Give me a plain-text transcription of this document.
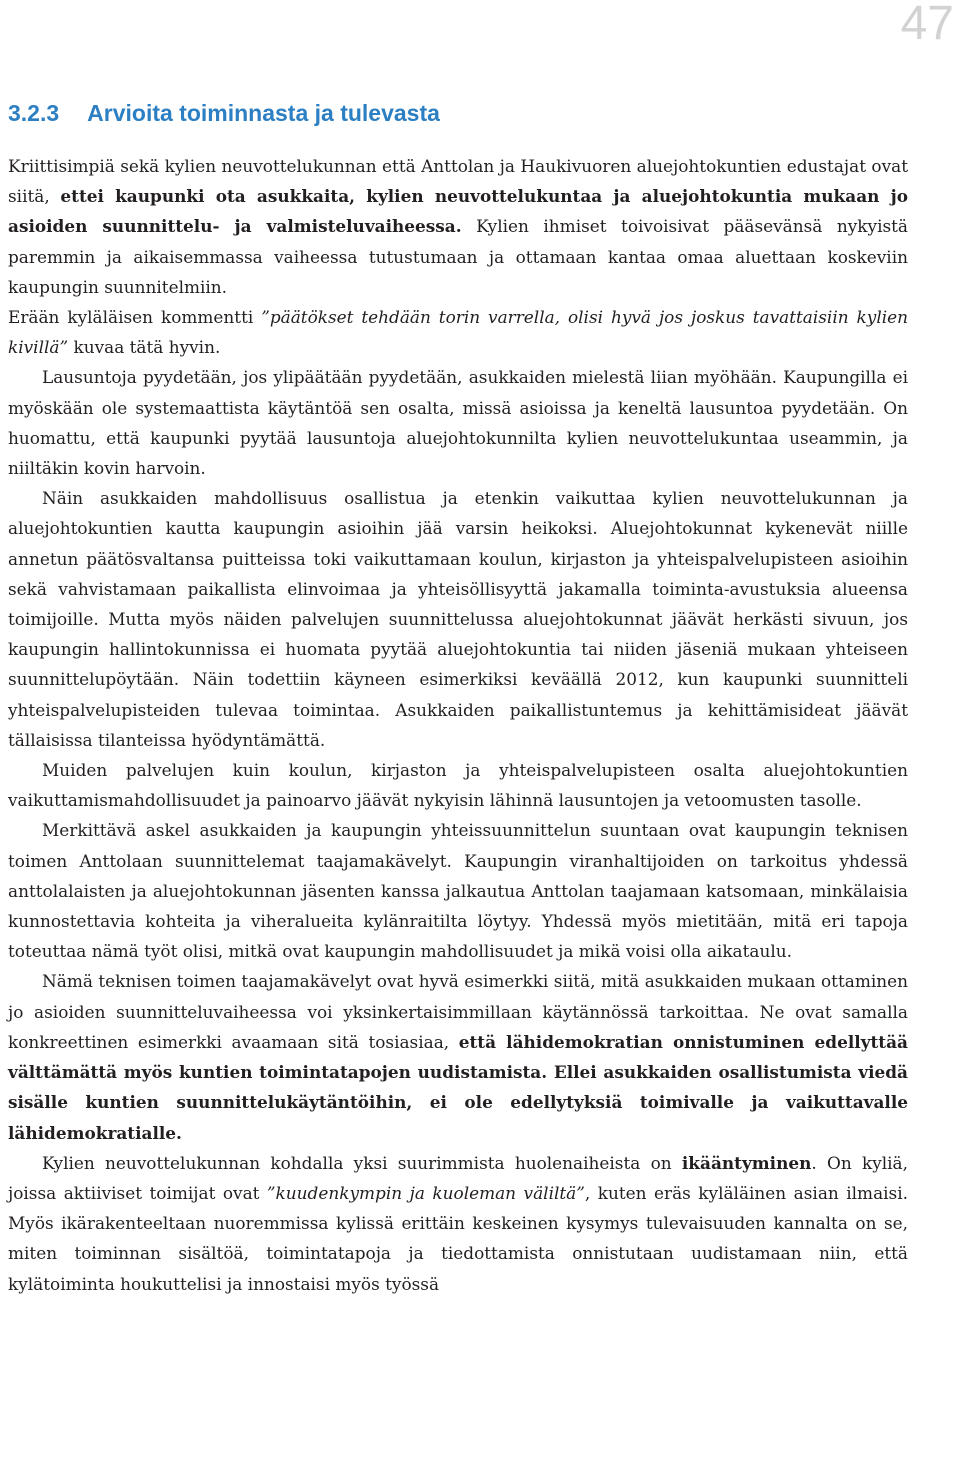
47
3.2.3 Arvioita toiminnasta ja tulevasta

Kriittisimpiä sekä kylien neuvottelukunnan että Anttolan ja Haukivuoren aluejohtokuntien edustajat ovat siitä, ettei kaupunki ota asukkaita, kylien neuvottelukuntaa ja aluejohtokuntia mukaan jo asioiden suunnittelu- ja valmisteluvaiheessa. Kylien ihmiset toivoisivat pääsevänsä nykyistä paremmin ja aikaisemmassa vaiheessa tutustumaan ja ottamaan kantaa omaa aluettaan koskeviin kaupungin suunnitelmiin.

Erään kyläläisen kommentti ”päätökset tehdään torin varrella, olisi hyvä jos joskus tavattaisiin kylien kivillä” kuvaa tätä hyvin.

Lausuntoja pyydetään, jos ylipäätään pyydetään, asukkaiden mielestä liian myöhään. Kaupungilla ei myöskään ole systemaattista käytäntöä sen osalta, missä asioissa ja keneltä lausuntoa pyydetään. On huomattu, että kaupunki pyytää lausuntoja aluejohtokunnilta kylien neuvottelukuntaa useammin, ja niiltäkin kovin harvoin.

Näin asukkaiden mahdollisuus osallistua ja etenkin vaikuttaa kylien neuvottelukunnan ja aluejohtokuntien kautta kaupungin asioihin jää varsin heikoksi. Aluejohtokunnat kykenevät niille annetun päätösvaltansa puitteissa toki vaikuttamaan koulun, kirjaston ja yhteispalvelupisteen asioihin sekä vahvistamaan paikallista elinvoimaa ja yhteisöllisyyttä jakamalla toiminta-avustuksia alueensa toimijoille. Mutta myös näiden palvelujen suunnittelussa aluejohtokunnat jäävät herkästi sivuun, jos kaupungin hallintokunnissa ei huomata pyytää aluejohtokuntia tai niiden jäseniä mukaan yhteiseen suunnittelupöytään. Näin todettiin käyneen esimerkiksi keväällä 2012, kun kaupunki suunnitteli yhteispalvelupisteiden tulevaa toimintaa. Asukkaiden paikallistuntemus ja kehittämisideat jäävät tällaisissa tilanteissa hyödyntämättä.

Muiden palvelujen kuin koulun, kirjaston ja yhteispalvelupisteen osalta aluejohtokuntien vaikuttamismahdollisuudet ja painoarvo jäävät nykyisin lähinnä lausuntojen ja vetoomusten tasolle.

Merkittävä askel asukkaiden ja kaupungin yhteissuunnittelun suuntaan ovat kaupungin teknisen toimen Anttolaan suunnittelemat taajamakävelyt. Kaupungin viranhaltijoiden on tarkoitus yhdessä anttolalaisten ja aluejohtokunnan jäsenten kanssa jalkautua Anttolan taajamaan katsomaan, minkälaisia kunnostettavia kohteita ja viheralueita kylänraitilta löytyy. Yhdessä myös mietitään, mitä eri tapoja toteuttaa nämä työt olisi, mitkä ovat kaupungin mahdollisuudet ja mikä voisi olla aikataulu.

Nämä teknisen toimen taajamakävelyt ovat hyvä esimerkki siitä, mitä asukkaiden mukaan ottaminen jo asioiden suunnitteluvaiheessa voi yksinkertaisimmillaan käytännössä tarkoittaa. Ne ovat samalla konkreettinen esimerkki avaamaan sitä tosiasiaa, että lähidemokratian onnistuminen edellyttää välttämättä myös kuntien toimintatapojen uudistamista. Ellei asukkaiden osallistumista viedä sisälle kuntien suunnittelukäytäntöihin, ei ole edellytyksiä toimivalle ja vaikuttavalle lähidemokratialle.

Kylien neuvottelukunnan kohdalla yksi suurimmista huolenaiheista on ikääntyminen. On kyliä, joissa aktiiviset toimijat ovat ”kuudenkympin ja kuoleman väliltä”, kuten eräs kyläläinen asian ilmaisi. Myös ikärakenteeltaan nuoremmissa kylissä erittäin keskeinen kysymys tulevaisuuden kannalta on se, miten toiminnan sisältöä, toimintatapoja ja tiedottamista onnistutaan uudistamaan niin, että kylätoiminta houkuttelisi ja innostaisi myös työssä
